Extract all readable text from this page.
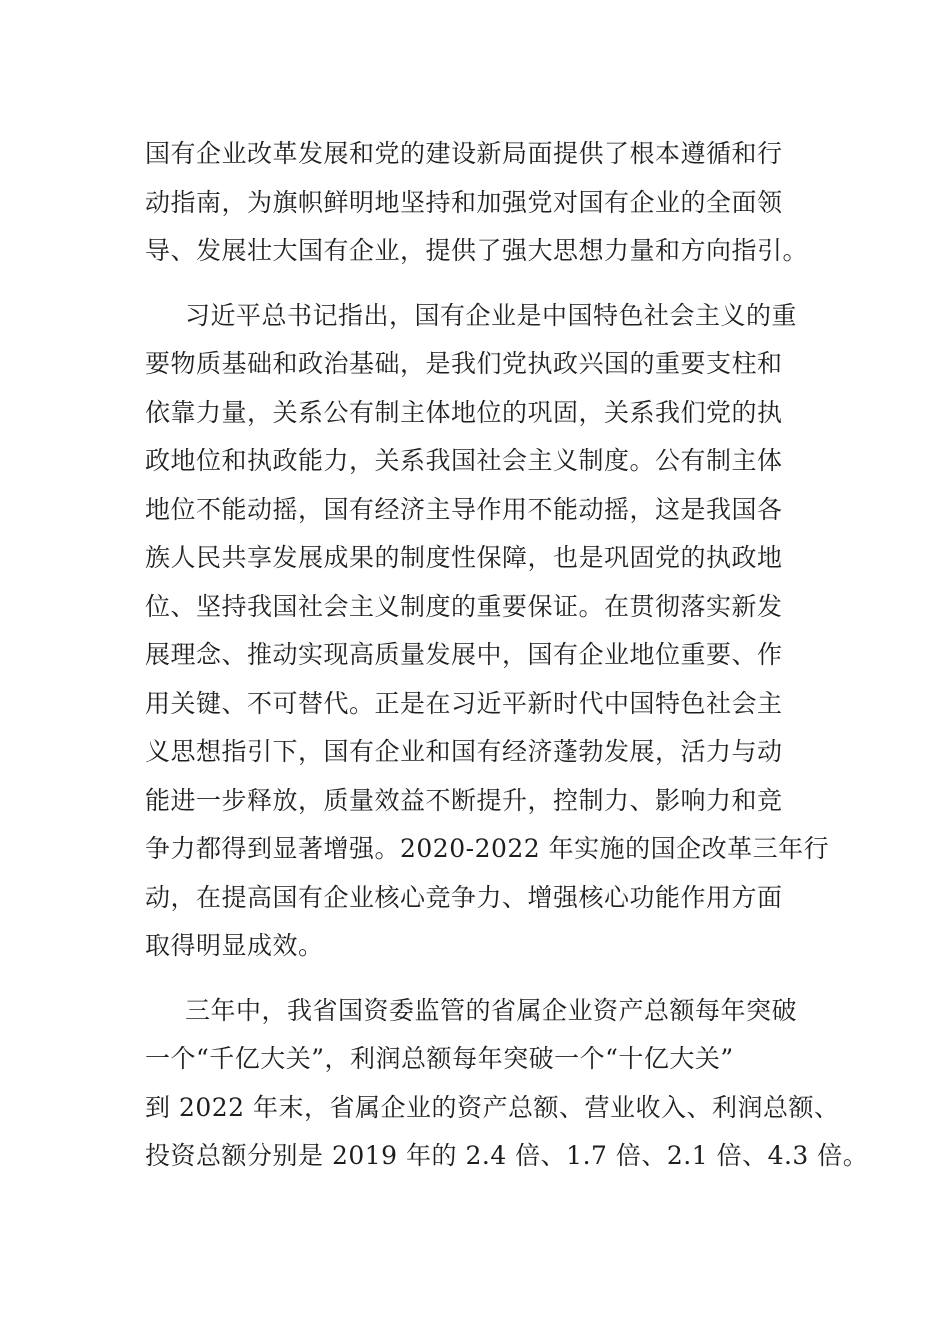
国有企业改革发展和党的建设新局面提供了根本遵循和行
动指南，为旗帜鲜明地坚持和加强党对国有企业的全面领
导、发展壮大国有企业，提供了强大思想力量和方向指引。
习近平总书记指出，国有企业是中国特色社会主义的重
要物质基础和政治基础，是我们党执政兴国的重要支柱和
依靠力量，关系公有制主体地位的巩固，关系我们党的执
政地位和执政能力，关系我国社会主义制度。公有制主体
地位不能动摇，国有经济主导作用不能动摇，这是我国各
族人民共享发展成果的制度性保障，也是巩固党的执政地
位、坚持我国社会主义制度的重要保证。在贯彻落实新发
展理念、推动实现高质量发展中，国有企业地位重要、作
用关键、不可替代。正是在习近平新时代中国特色社会主
义思想指引下，国有企业和国有经济蓬勃发展，活力与动
能进一步释放，质量效益不断提升，控制力、影响力和竞
争力都得到显著增强。2020-2022 年实施的国企改革三年行
动，在提高国有企业核心竞争力、增强核心功能作用方面
取得明显成效。
三年中，我省国资委监管的省属企业资产总额每年突破
一个“千亿大关”，利润总额每年突破一个“十亿大关”
到 2022 年末，省属企业的资产总额、营业收入、利润总额、
投资总额分别是 2019 年的 2.4 倍、1.7 倍、2.1 倍、4.3 倍。
